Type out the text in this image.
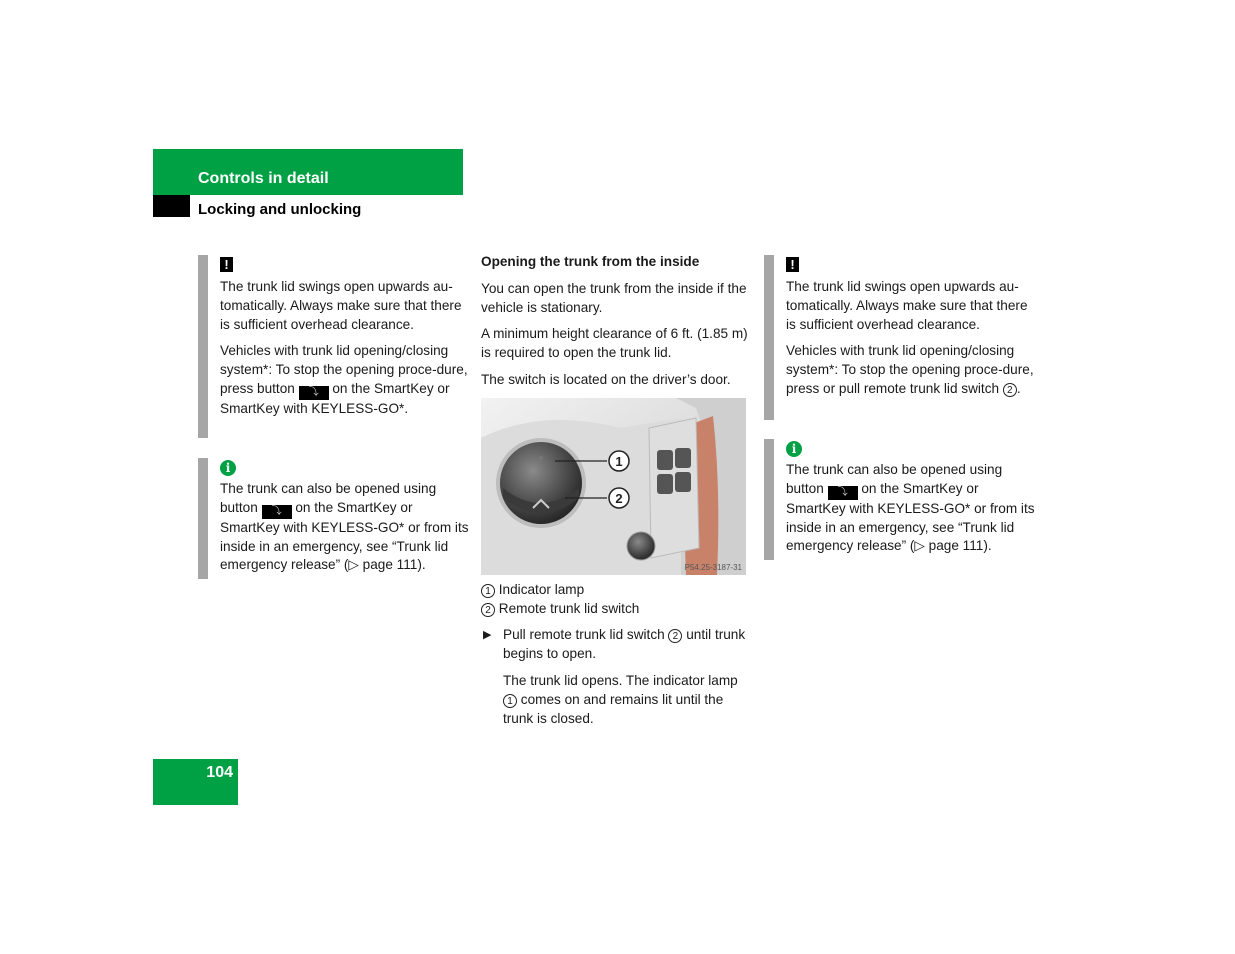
Controls in detail
Locking and unlocking
!

The trunk lid swings open upwards au-tomatically. Always make sure that there is sufficient overhead clearance.

Vehicles with trunk lid opening/closing system*: To stop the opening proce-dure, press button ⤵ on the SmartKey or SmartKey with KEYLESS-GO*.

i

The trunk can also be opened using button ⤵ on the SmartKey or SmartKey with KEYLESS-GO* or from its inside in an emergency, see “Trunk lid emergency release” (▷ page 111).

Opening the trunk from the inside

You can open the trunk from the inside if the vehicle is stationary.

A minimum height clearance of 6 ft. (1.85 m) is required to open the trunk lid.

The switch is located on the driver’s door.

1
2
P54.25-3187-31
1 Indicator lamp
2 Remote trunk lid switch
▶ Pull remote trunk lid switch 2 until trunk begins to open.
The trunk lid opens. The indicator lamp 1 comes on and remains lit until the trunk is closed.
!

The trunk lid swings open upwards au-tomatically. Always make sure that there is sufficient overhead clearance.

Vehicles with trunk lid opening/closing system*: To stop the opening proce-dure, press or pull remote trunk lid switch 2 .

i

The trunk can also be opened using button ⤵ on the SmartKey or SmartKey with KEYLESS-GO* or from its inside in an emergency, see “Trunk lid emergency release” (▷ page 111).

104
